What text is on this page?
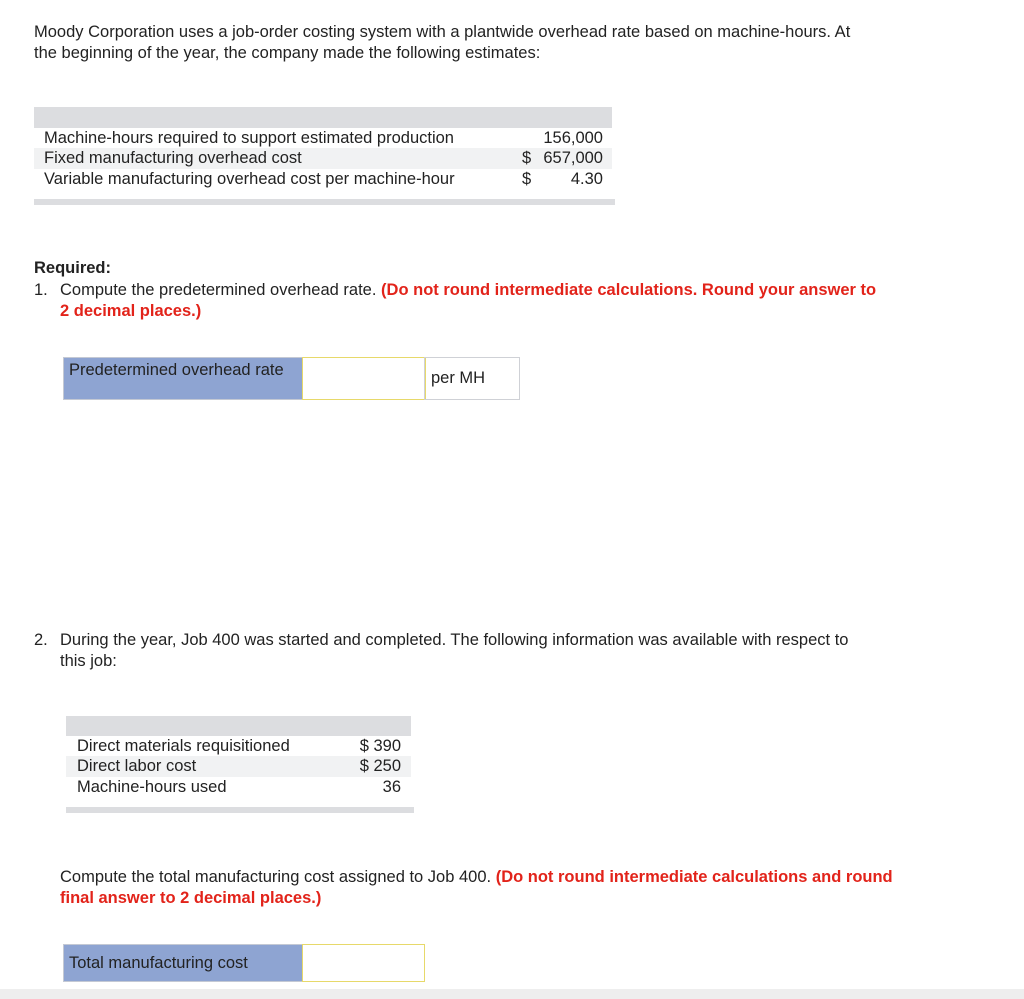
Moody Corporation uses a job-order costing system with a plantwide overhead rate based on machine-hours. At the beginning of the year, the company made the following estimates:
Machine-hours required to support estimated production	156,000
Fixed manufacturing overhead cost	$ 657,000
Variable manufacturing overhead cost per machine-hour	$ 4.30
Required:
1. Compute the predetermined overhead rate. (Do not round intermediate calculations. Round your answer to 2 decimal places.)
Predetermined overhead rate	per MH
2. During the year, Job 400 was started and completed. The following information was available with respect to this job:
Direct materials requisitioned	$ 390
Direct labor cost	$ 250
Machine-hours used	36
Compute the total manufacturing cost assigned to Job 400. (Do not round intermediate calculations and round final answer to 2 decimal places.)
Total manufacturing cost
